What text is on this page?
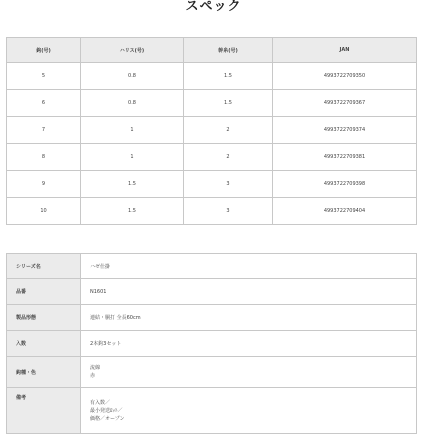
スペック
鈎(号)	ハリス(号)	幹糸(号)	JAN
5	0.8	1.5	4993722709350
6	0.8	1.5	4993722709367
7	1	2	4993722709374
8	1	2	4993722709381
9	1.5	3	4993722709398
10	1.5	3	4993722709404
シリーズ名	ハゼ仕掛
品番	N1601
製品形態	連結・胴打 全長60cm
入数	2本鈎3セット
鈎種・色	流線
赤

備考	有入数／
最小発送ﾛｯﾄ／
価格／オープン
